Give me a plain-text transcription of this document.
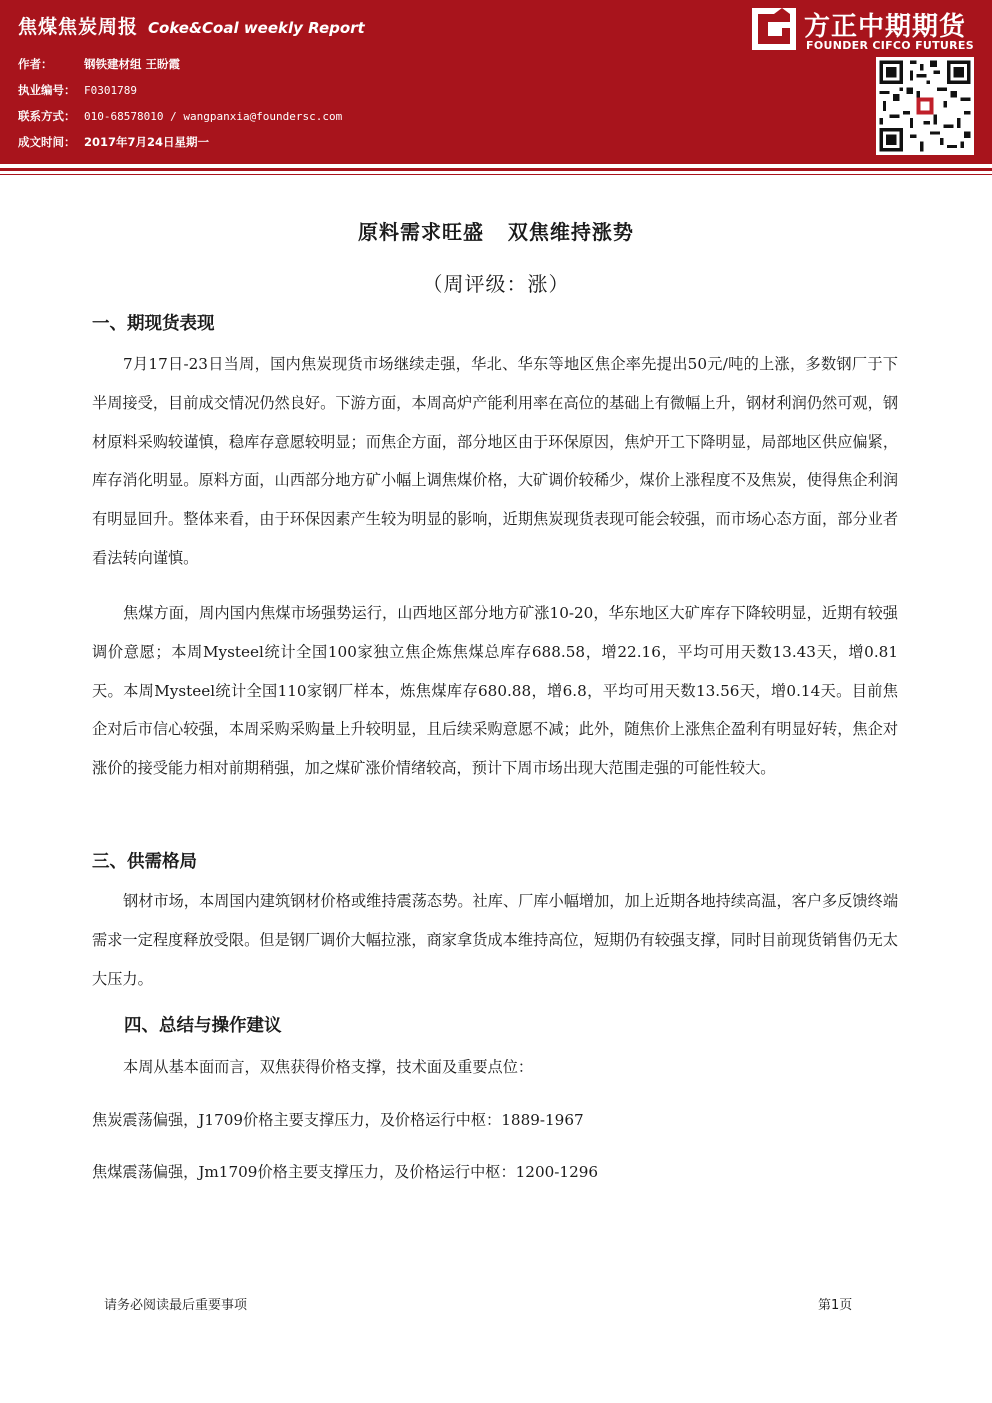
焦煤焦炭周报 Coke&Coal weekly Report
作者：	钢铁建材组 王盼霞
执业编号： F0301789
联系方式： 010-68578010 / wangpanxia@foundersc.com
成文时间： 2017年7月24日星期一
方正中期期货
FOUNDER CIFCO FUTURES
原料需求旺盛   双焦维持涨势
（周评级：涨）
一、期现货表现

7月17日-23日当周，国内焦炭现货市场继续走强，华北、华东等地区焦企率先提出50元/吨的上涨，多数钢厂于下半周接受，目前成交情况仍然良好。下游方面，本周高炉产能利用率在高位的基础上有微幅上升，钢材利润仍然可观，钢材原料采购较谨慎，稳库存意愿较明显；而焦企方面，部分地区由于环保原因，焦炉开工下降明显，局部地区供应偏紧，库存消化明显。原料方面，山西部分地方矿小幅上调焦煤价格，大矿调价较稀少，煤价上涨程度不及焦炭，使得焦企利润有明显回升。整体来看，由于环保因素产生较为明显的影响，近期焦炭现货表现可能会较强，而市场心态方面，部分业者看法转向谨慎。

焦煤方面，周内国内焦煤市场强势运行，山西地区部分地方矿涨10-20，华东地区大矿库存下降较明显，近期有较强调价意愿；本周Mysteel统计全国100家独立焦企炼焦煤总库存688.58，增22.16，平均可用天数13.43天，增0.81天。本周Mysteel统计全国110家钢厂样本，炼焦煤库存680.88，增6.8，平均可用天数13.56天，增0.14天。目前焦企对后市信心较强，本周采购采购量上升较明显，且后续采购意愿不减；此外，随焦价上涨焦企盈利有明显好转，焦企对涨价的接受能力相对前期稍强，加之煤矿涨价情绪较高，预计下周市场出现大范围走强的可能性较大。

三、供需格局

钢材市场，本周国内建筑钢材价格或维持震荡态势。社库、厂库小幅增加，加上近期各地持续高温，客户多反馈终端需求一定程度释放受限。但是钢厂调价大幅拉涨，商家拿货成本维持高位，短期仍有较强支撑，同时目前现货销售仍无太大压力。

四、总结与操作建议

本周从基本面而言，双焦获得价格支撑，技术面及重要点位：

焦炭震荡偏强，J1709价格主要支撑压力，及价格运行中枢：1889-1967
焦煤震荡偏强，Jm1709价格主要支撑压力，及价格运行中枢：1200-1296
请务必阅读最后重要事项	第1页
